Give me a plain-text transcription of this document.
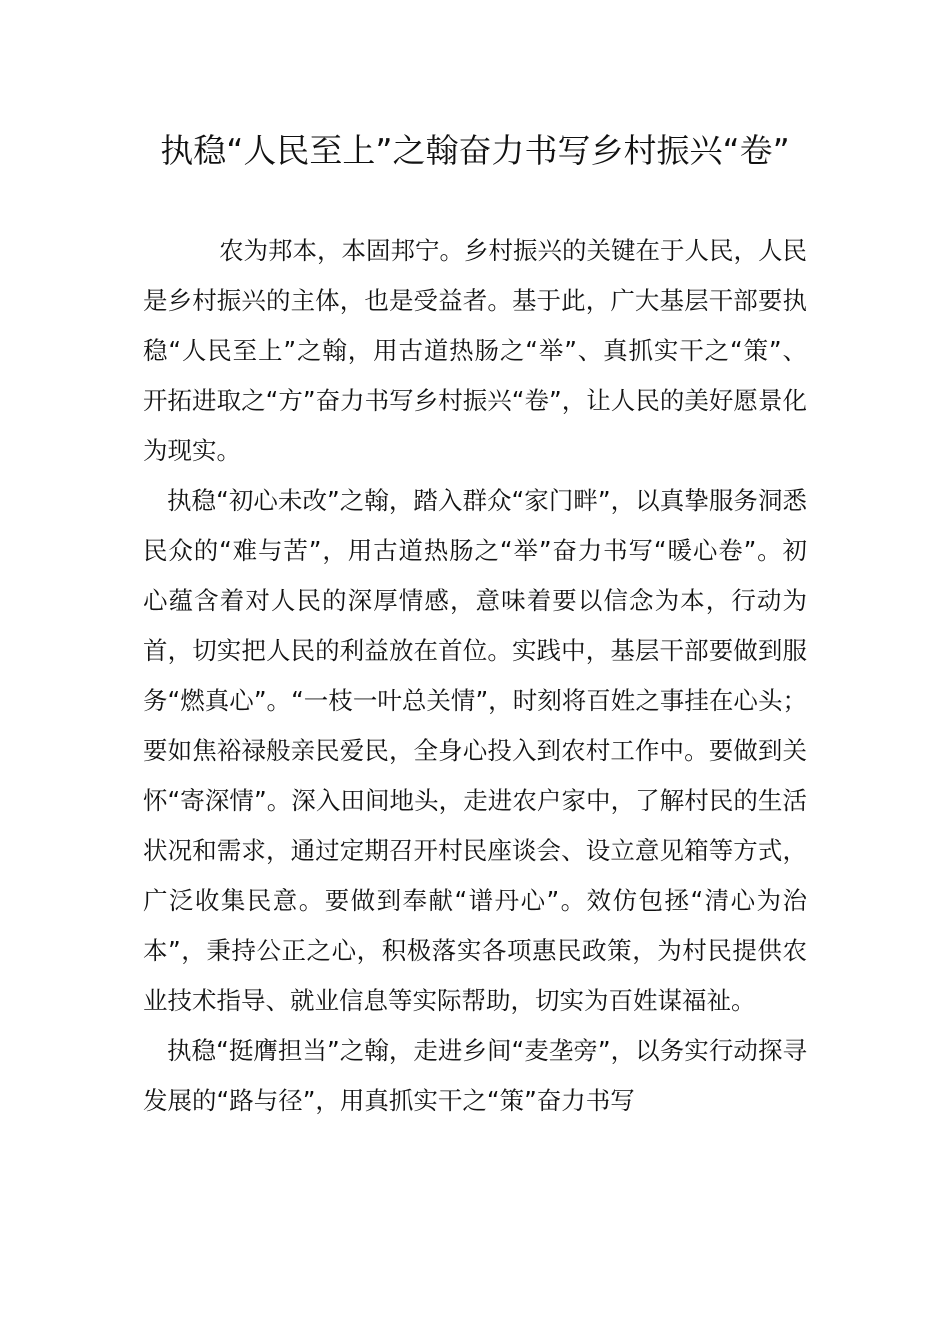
执稳“人民至上”之翰奋力书写乡村振兴“卷”

农为邦本，本固邦宁。乡村振兴的关键在于人民，人民是乡村振兴的主体，也是受益者。基于此，广大基层干部要执稳“人民至上”之翰，用古道热肠之“举”、真抓实干之“策”、开拓进取之“方”奋力书写乡村振兴“卷”，让人民的美好愿景化为现实。

执稳“初心未改”之翰，踏入群众“家门畔”，以真挚服务洞悉民众的“难与苦”，用古道热肠之“举”奋力书写“暖心卷”。初心蕴含着对人民的深厚情感，意味着要以信念为本，行动为首，切实把人民的利益放在首位。实践中，基层干部要做到服务“燃真心”。“一枝一叶总关情”，时刻将百姓之事挂在心头；要如焦裕禄般亲民爱民，全身心投入到农村工作中。要做到关怀“寄深情”。深入田间地头，走进农户家中，了解村民的生活状况和需求，通过定期召开村民座谈会、设立意见箱等方式，广泛收集民意。要做到奉献“谱丹心”。效仿包拯“清心为治本”，秉持公正之心，积极落实各项惠民政策，为村民提供农业技术指导、就业信息等实际帮助，切实为百姓谋福祉。

执稳“挺膺担当”之翰，走进乡间“麦垄旁”，以务实行动探寻发展的“路与径”，用真抓实干之“策”奋力书写
